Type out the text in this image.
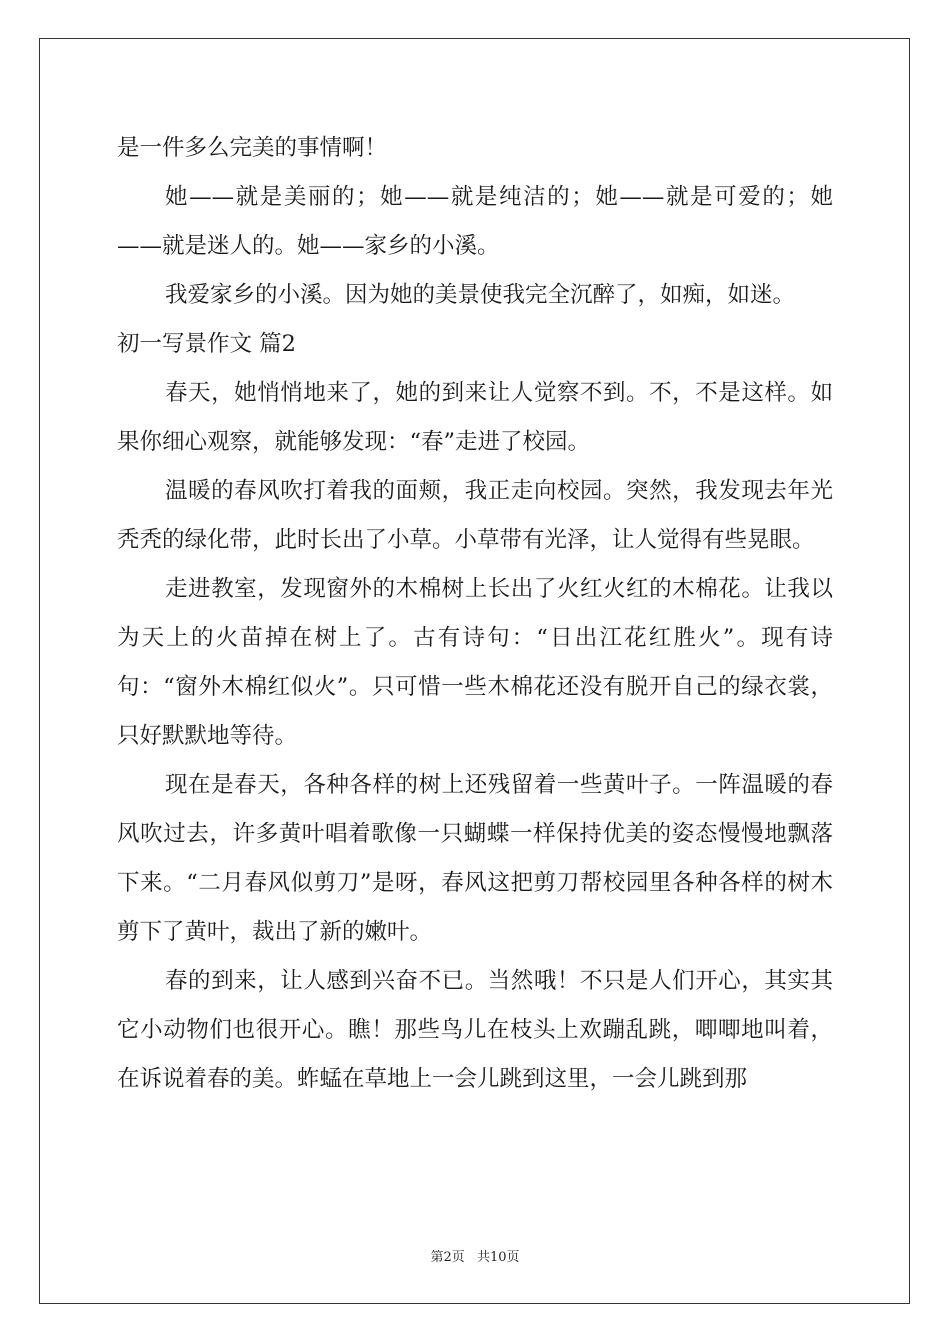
是一件多么完美的事情啊！

她——就是美丽的；她——就是纯洁的；她——就是可爱的；她——就是迷人的。她——家乡的小溪。

我爱家乡的小溪。因为她的美景使我完全沉醉了，如痴，如迷。

初一写景作文 篇2

春天，她悄悄地来了，她的到来让人觉察不到。不，不是这样。如果你细心观察，就能够发现：“春”走进了校园。

温暖的春风吹打着我的面颊，我正走向校园。突然，我发现去年光秃秃的绿化带，此时长出了小草。小草带有光泽，让人觉得有些晃眼。

走进教室，发现窗外的木棉树上长出了火红火红的木棉花。让我以为天上的火苗掉在树上了。古有诗句：“日出江花红胜火”。现有诗句：“窗外木棉红似火”。只可惜一些木棉花还没有脱开自己的绿衣裳，只好默默地等待。

现在是春天，各种各样的树上还残留着一些黄叶子。一阵温暖的春风吹过去，许多黄叶唱着歌像一只蝴蝶一样保持优美的姿态慢慢地飘落下来。“二月春风似剪刀”是呀，春风这把剪刀帮校园里各种各样的树木剪下了黄叶，裁出了新的嫩叶。

春的到来，让人感到兴奋不已。当然哦！不只是人们开心，其实其它小动物们也很开心。瞧！那些鸟儿在枝头上欢蹦乱跳，唧唧地叫着，在诉说着春的美。蚱蜢在草地上一会儿跳到这里，一会儿跳到那

第2页 共10页
